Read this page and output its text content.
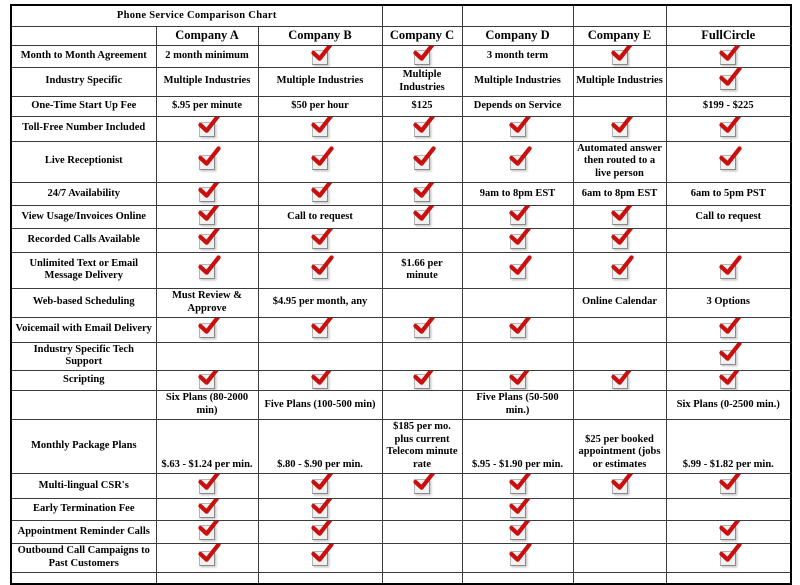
Phone Service Comparison Chart						
	Company A	Company B	Company C	Company D	Company E	FullCircle
Month to Month Agreement	2 month minimum			3 month term	

Industry Specific	Multiple Industries	Multiple Industries	Multiple Industries	Multiple Industries	Multiple Industries	

One-Time Start Up Fee	$.95 per minute	$50 per hour	$125	Depends on Service		$199 - $225
Toll-Free Number Included	

Live Receptionist					Automated answer then routed to a live person	

24/7 Availability				9am to 8pm EST	6am to 8pm EST	6am to 5pm PST
View Usage/Invoices Online		Call to request				Call to request
Recorded Calls Available	

Unlimited Text or Email Message Delivery			$1.66 per minute	

Web-based Scheduling	Must Review & Approve	$4.95 per month, any			Online Calendar	3 Options
Voicemail with Email Delivery	

Industry Specific Tech Support						

Scripting	

	Six Plans (80-2000 min)	Five Plans (100-500 min)		Five Plans (50-500 min.)		Six Plans (0-2500 min.)
Monthly Package Plans	$.63 - $1.24 per min.	$.80 - $.90 per min.	$185 per mo. plus current Telecom minute rate	$.95 - $1.90 per min.	$25 per booked appointment (jobs or estimates	$.99 - $1.82 per min.
Multi-lingual CSR's	

Early Termination Fee	

Appointment Reminder Calls	

Outbound Call Campaigns to Past Customers	
